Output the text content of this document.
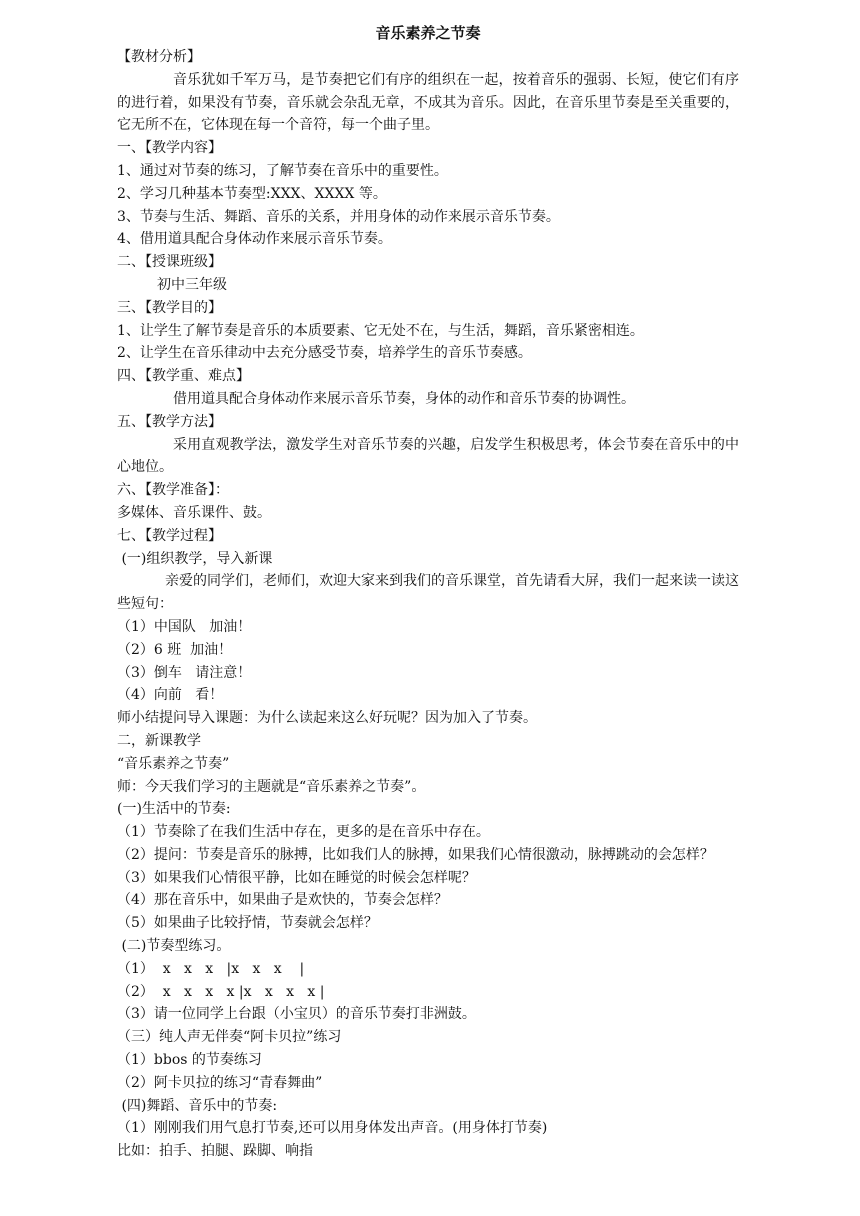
音乐素养之节奏
【教材分析】
音乐犹如千军万马，是节奏把它们有序的组织在一起，按着音乐的强弱、长短，使它们有序的进行着，如果没有节奏，音乐就会杂乱无章，不成其为音乐。因此，在音乐里节奏是至关重要的，它无所不在，它体现在每一个音符，每一个曲子里。
一、【教学内容】
1、通过对节奏的练习，了解节奏在音乐中的重要性。
2、学习几种基本节奏型:XXX、XXXX 等。
3、节奏与生活、舞蹈、音乐的关系，并用身体的动作来展示音乐节奏。
4、借用道具配合身体动作来展示音乐节奏。
二、【授课班级】
初中三年级
三、【教学目的】
1、让学生了解节奏是音乐的本质要素、它无处不在，与生活，舞蹈，音乐紧密相连。
2、让学生在音乐律动中去充分感受节奏，培养学生的音乐节奏感。
四、【教学重、难点】
借用道具配合身体动作来展示音乐节奏，身体的动作和音乐节奏的协调性。
五、【教学方法】
采用直观教学法，激发学生对音乐节奏的兴趣，启发学生积极思考，体会节奏在音乐中的中心地位。
六、【教学准备】：
多媒体、音乐课件、鼓。
七、【教学过程】
(一)组织教学，导入新课
亲爱的同学们，老师们，欢迎大家来到我们的音乐课堂，首先请看大屏，我们一起来读一读这些短句：
（1）中国队   加油！
（2）6 班  加油！
（3）倒车   请注意！
（4）向前   看！
师小结提问导入课题：为什么读起来这么好玩呢？因为加入了节奏。
二，新课教学
“音乐素养之节奏”
师：今天我们学习的主题就是“音乐素养之节奏”。
(一)生活中的节奏:
（1）节奏除了在我们生活中存在，更多的是在音乐中存在。
（2）提问：节奏是音乐的脉搏，比如我们人的脉搏，如果我们心情很激动，脉搏跳动的会怎样？
（3）如果我们心情很平静，比如在睡觉的时候会怎样呢？
（4）那在音乐中，如果曲子是欢快的，节奏会怎样？
（5）如果曲子比较抒情，节奏就会怎样？
(二)节奏型练习。
（1）  x   x   x   |x   x   x    |
（2）  x   x   x   x |x   x   x   x |
（3）请一位同学上台跟（小宝贝）的音乐节奏打非洲鼓。
（三）纯人声无伴奏“阿卡贝拉”练习
（1）bbos 的节奏练习
（2）阿卡贝拉的练习“青春舞曲”
(四)舞蹈、音乐中的节奏:
（1）刚刚我们用气息打节奏,还可以用身体发出声音。(用身体打节奏)
比如：拍手、拍腿、跺脚、响指
